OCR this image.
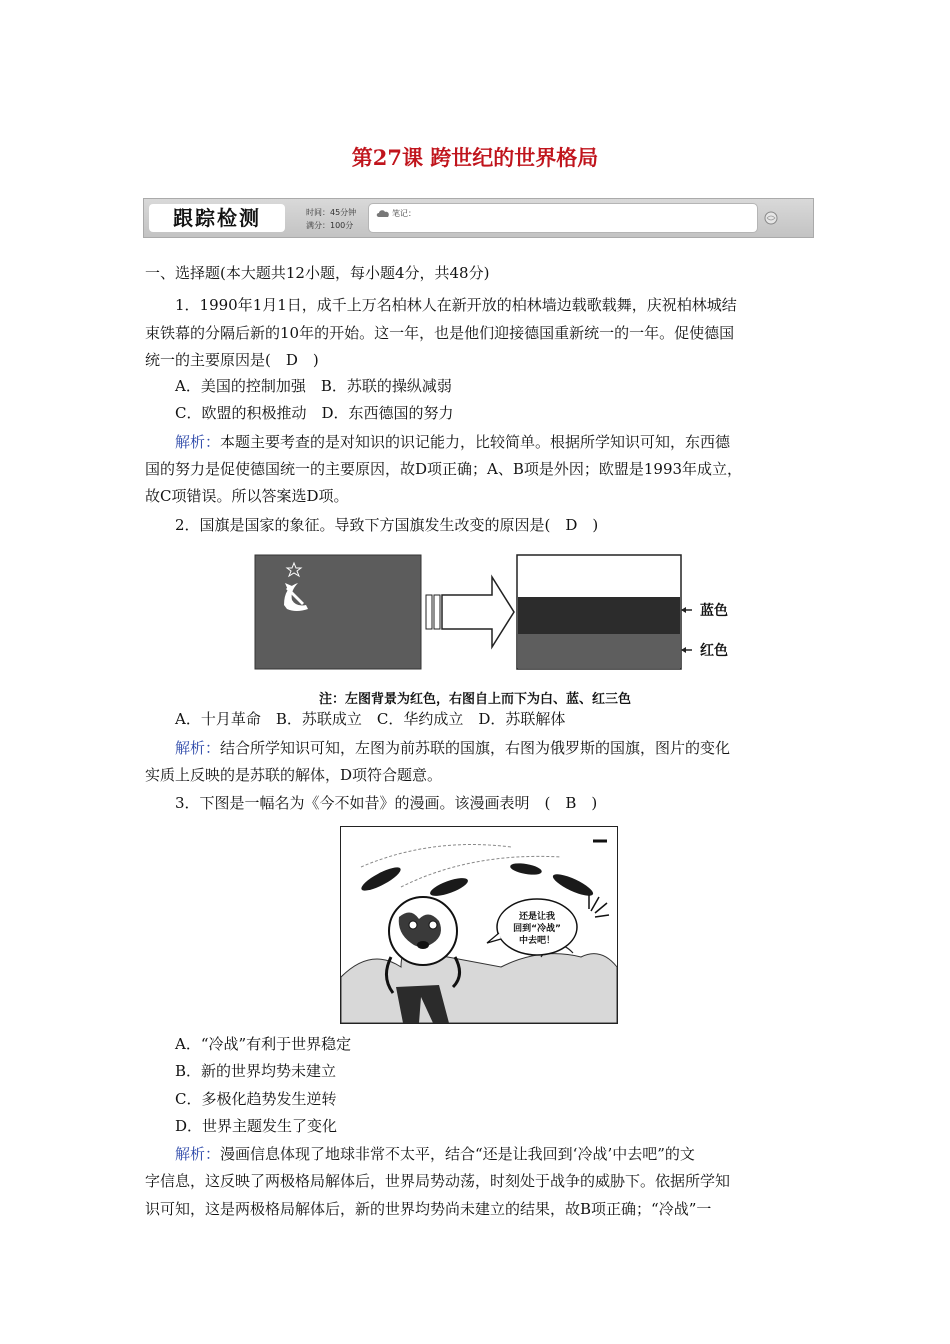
第27课 跨世纪的世界格局
跟踪检测	时间：45分钟
满分：100分
笔记：
一、选择题(本大题共12小题，每小题4分，共48分)
1．1990年1月1日，成千上万名柏林人在新开放的柏林墙边载歌载舞，庆祝柏林城结
束铁幕的分隔后新的10年的开始。这一年，也是他们迎接德国重新统一的一年。促使德国
统一的主要原因是(　D　)
A．美国的控制加强　B．苏联的操纵减弱
C．欧盟的积极推动　D．东西德国的努力
解析：本题主要考查的是对知识的识记能力，比较简单。根据所学知识可知，东西德
国的努力是促使德国统一的主要原因，故D项正确；A、B项是外因；欧盟是1993年成立，
故C项错误。所以答案选D项。
2．国旗是国家的象征。导致下方国旗发生改变的原因是(　D　)
蓝色
红色
注：左图背景为红色，右图自上而下为白、蓝、红三色
A．十月革命　B．苏联成立　C．华约成立　D．苏联解体
解析：结合所学知识可知，左图为前苏联的国旗，右图为俄罗斯的国旗，图片的变化
实质上反映的是苏联的解体，D项符合题意。
3．下图是一幅名为《今不如昔》的漫画。该漫画表明　(　B　)
还是让我
回到“冷战”
中去吧！
A．“冷战”有利于世界稳定
B．新的世界均势未建立
C．多极化趋势发生逆转
D．世界主题发生了变化
解析：漫画信息体现了地球非常不太平，结合“还是让我回到‘冷战’中去吧”的文
字信息，这反映了两极格局解体后，世界局势动荡，时刻处于战争的威胁下。依据所学知
识可知，这是两极格局解体后，新的世界均势尚未建立的结果，故B项正确；“冷战”一
